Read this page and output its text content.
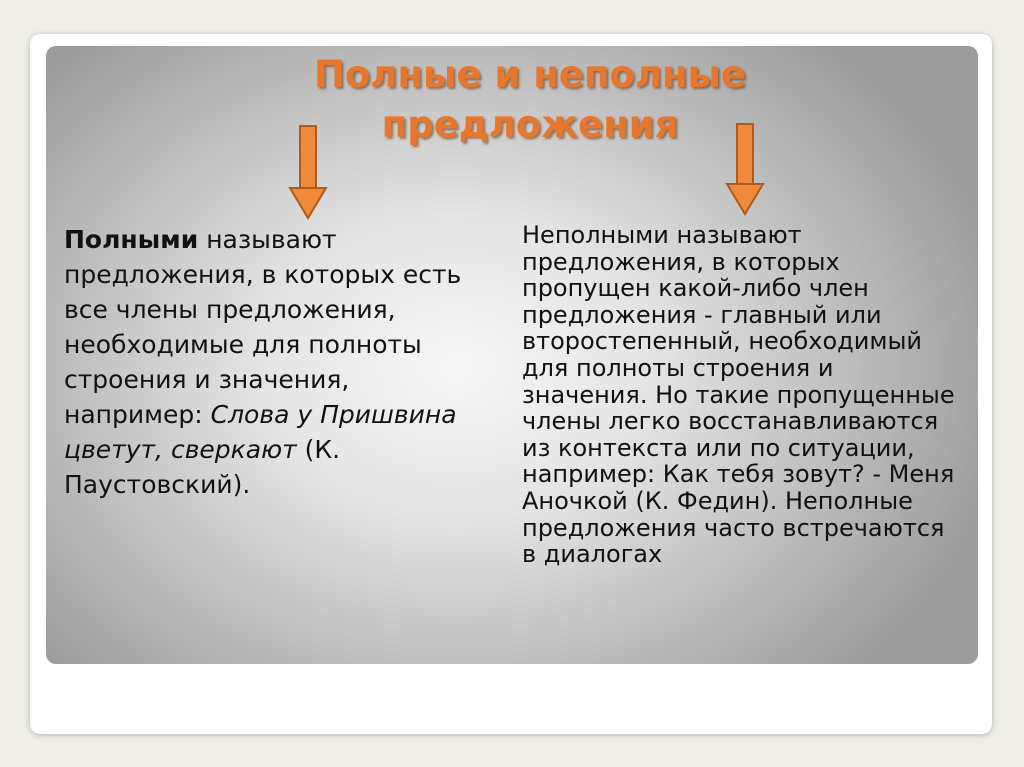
Полные и неполные
предложения
Полными называют предложения, в которых есть все члены предложения, необходимые для полноты строения и значения, например: Слова у Пришвина цветут, сверкают (К. Паустовский).
Неполными называют предложения, в которых пропущен какой-либо член предложения - главный или второстепенный, необходимый для полноты строения и значения. Но такие пропущенные члены легко восстанавливаются из контекста или по ситуации, например: Как тебя зовут? - Меня Аночкой (К. Федин). Неполные предложения часто встречаются в диалогах
